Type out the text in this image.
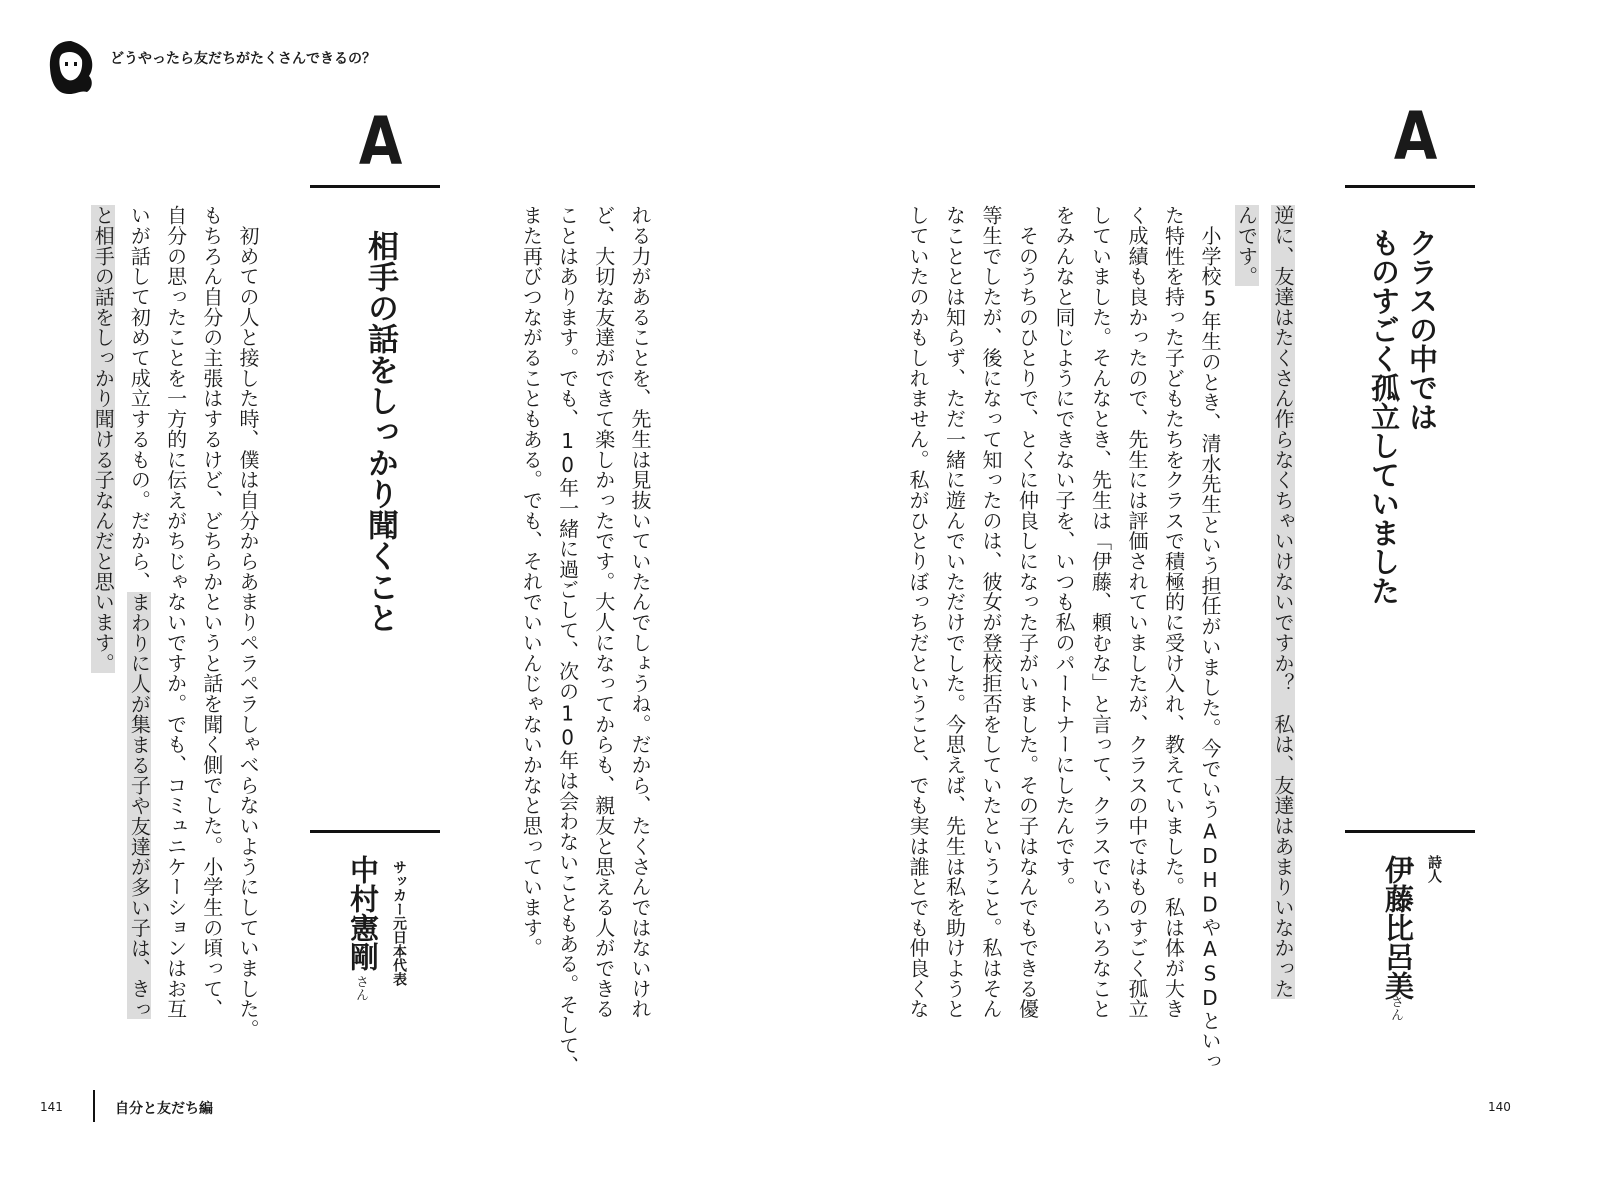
どうやったら友だちがたくさんできるの？
A
クラスの中では
ものすごく孤立していました
詩人
伊藤比呂美
さん
逆に、友達はたくさん作らなくちゃいけないですか？　私は、友達はあまりいなかった
んです。
　小学校5年生のとき、清水先生という担任がいました。今でいうADHDやASDといっ
た特性を持った子どもたちをクラスで積極的に受け入れ、教えていました。私は体が大き
く成績も良かったので、先生には評価されていましたが、クラスの中ではものすごく孤立
していました。そんなとき、先生は「伊藤、頼むな」と言って、クラスでいろいろなこと
をみんなと同じようにできない子を、いつも私のパートナーにしたんです。
　そのうちのひとりで、とくに仲良しになった子がいました。その子はなんでもできる優
等生でしたが、後になって知ったのは、彼女が登校拒否をしていたということ。私はそん
なこととは知らず、ただ一緒に遊んでいただけでした。今思えば、先生は私を助けようと
していたのかもしれません。私がひとりぼっちだということ、でも実は誰とでも仲良くな
れる力があることを、先生は見抜いていたんでしょうね。だから、たくさんではないけれ
ど、大切な友達ができて楽しかったです。大人になってからも、親友と思える人ができる
ことはあります。でも、10年一緒に過ごして、次の10年は会わないこともある。そして、
また再びつながることもある。でも、それでいいんじゃないかなと思っています。
A
相手の話をしっかり聞くこと
サッカー元日本代表
中村憲剛
さん
　初めての人と接した時、僕は自分からあまりペラペラしゃべらないようにしていました。
もちろん自分の主張はするけど、どちらかというと話を聞く側でした。小学生の頃って、
自分の思ったことを一方的に伝えがちじゃないですか。でも、コミュニケーションはお互
いが話して初めて成立するもの。だから、まわりに人が集まる子や友達が多い子は、きっ
と相手の話をしっかり聞ける子なんだと思います。
141	自分と友だち編	140
